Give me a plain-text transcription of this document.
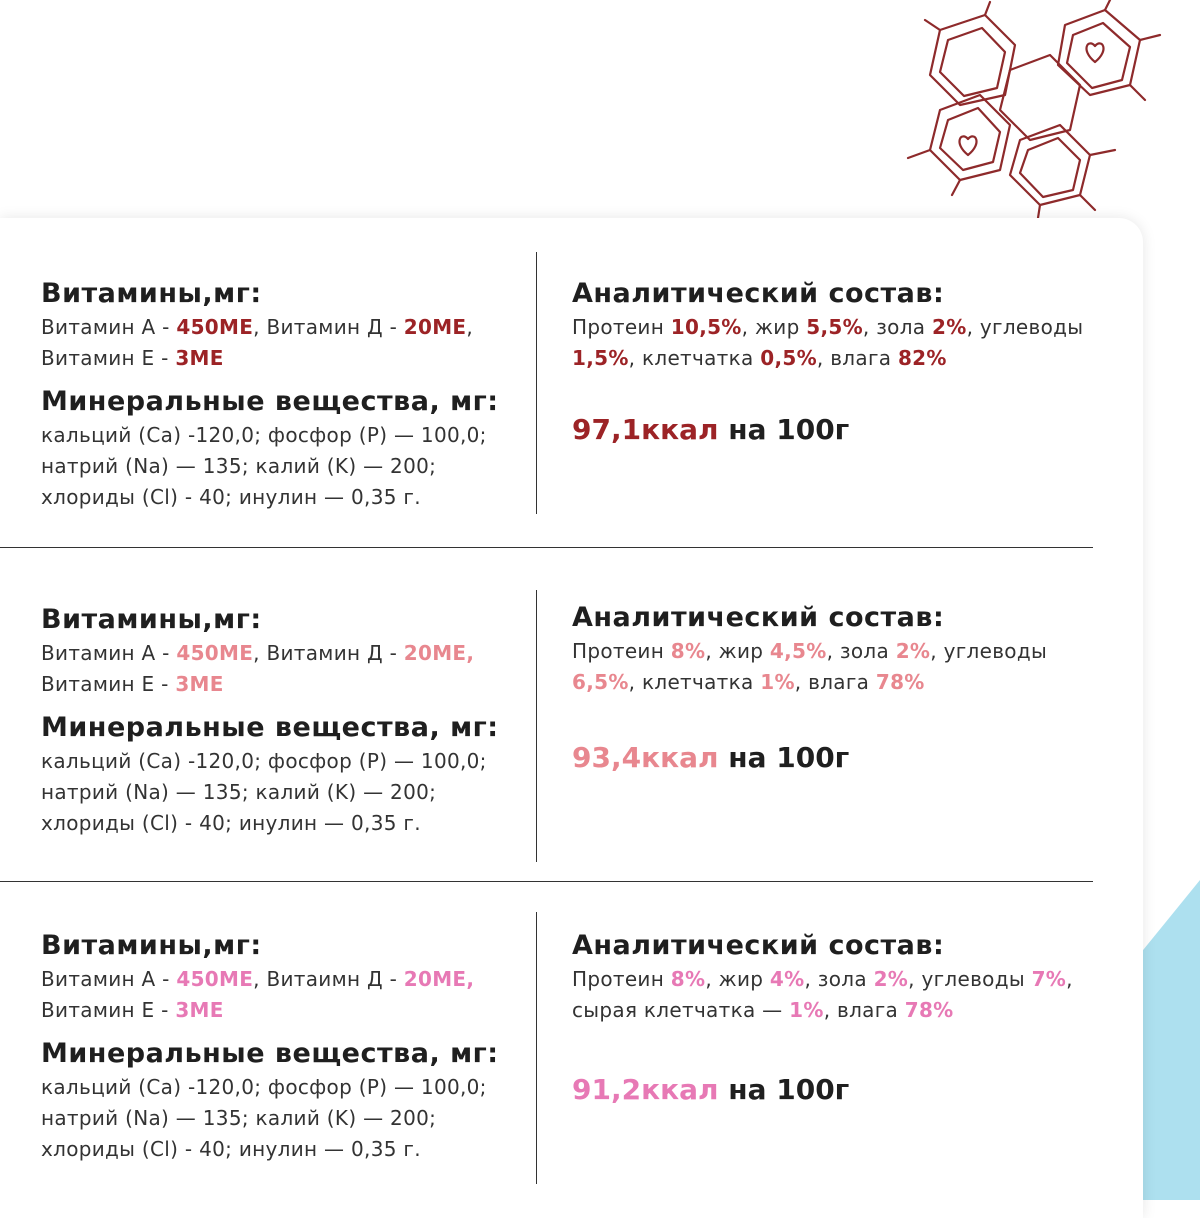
Витамины,мг:

Витамин А - 450МЕ, Витамин Д - 20МЕ,
Витамин Е - 3МЕ

Минеральные вещества, мг:

кальций (Са) -120,0; фосфор (Р) — 100,0;
натрий (Na) — 135; калий (K) — 200;
хлориды (Cl) - 40; инулин — 0,35 г.

Аналитический состав:

Протеин 10,5%, жир 5,5%, зола 2%, углеводы
1,5%, клетчатка 0,5%, влага 82%

97,1ккал на 100г

Витамины,мг:

Витамин А - 450МЕ, Витамин Д - 20МЕ,
Витамин Е - 3МЕ

Минеральные вещества, мг:

кальций (Са) -120,0; фосфор (Р) — 100,0;
натрий (Na) — 135; калий (K) — 200;
хлориды (Cl) - 40; инулин — 0,35 г.

Аналитический состав:

Протеин 8%, жир 4,5%, зола 2%, углеводы
6,5%, клетчатка 1%, влага 78%

93,4ккал на 100г

Витамины,мг:

Витамин А - 450МЕ, Витаимн Д - 20МЕ,
Витамин Е - 3МЕ

Минеральные вещества, мг:

кальций (Са) -120,0; фосфор (Р) — 100,0;
натрий (Na) — 135; калий (K) — 200;
хлориды (Cl) - 40; инулин — 0,35 г.

Аналитический состав:

Протеин 8%, жир 4%, зола 2%, углеводы 7%,
сырая клетчатка — 1%, влага 78%

91,2ккал на 100г
